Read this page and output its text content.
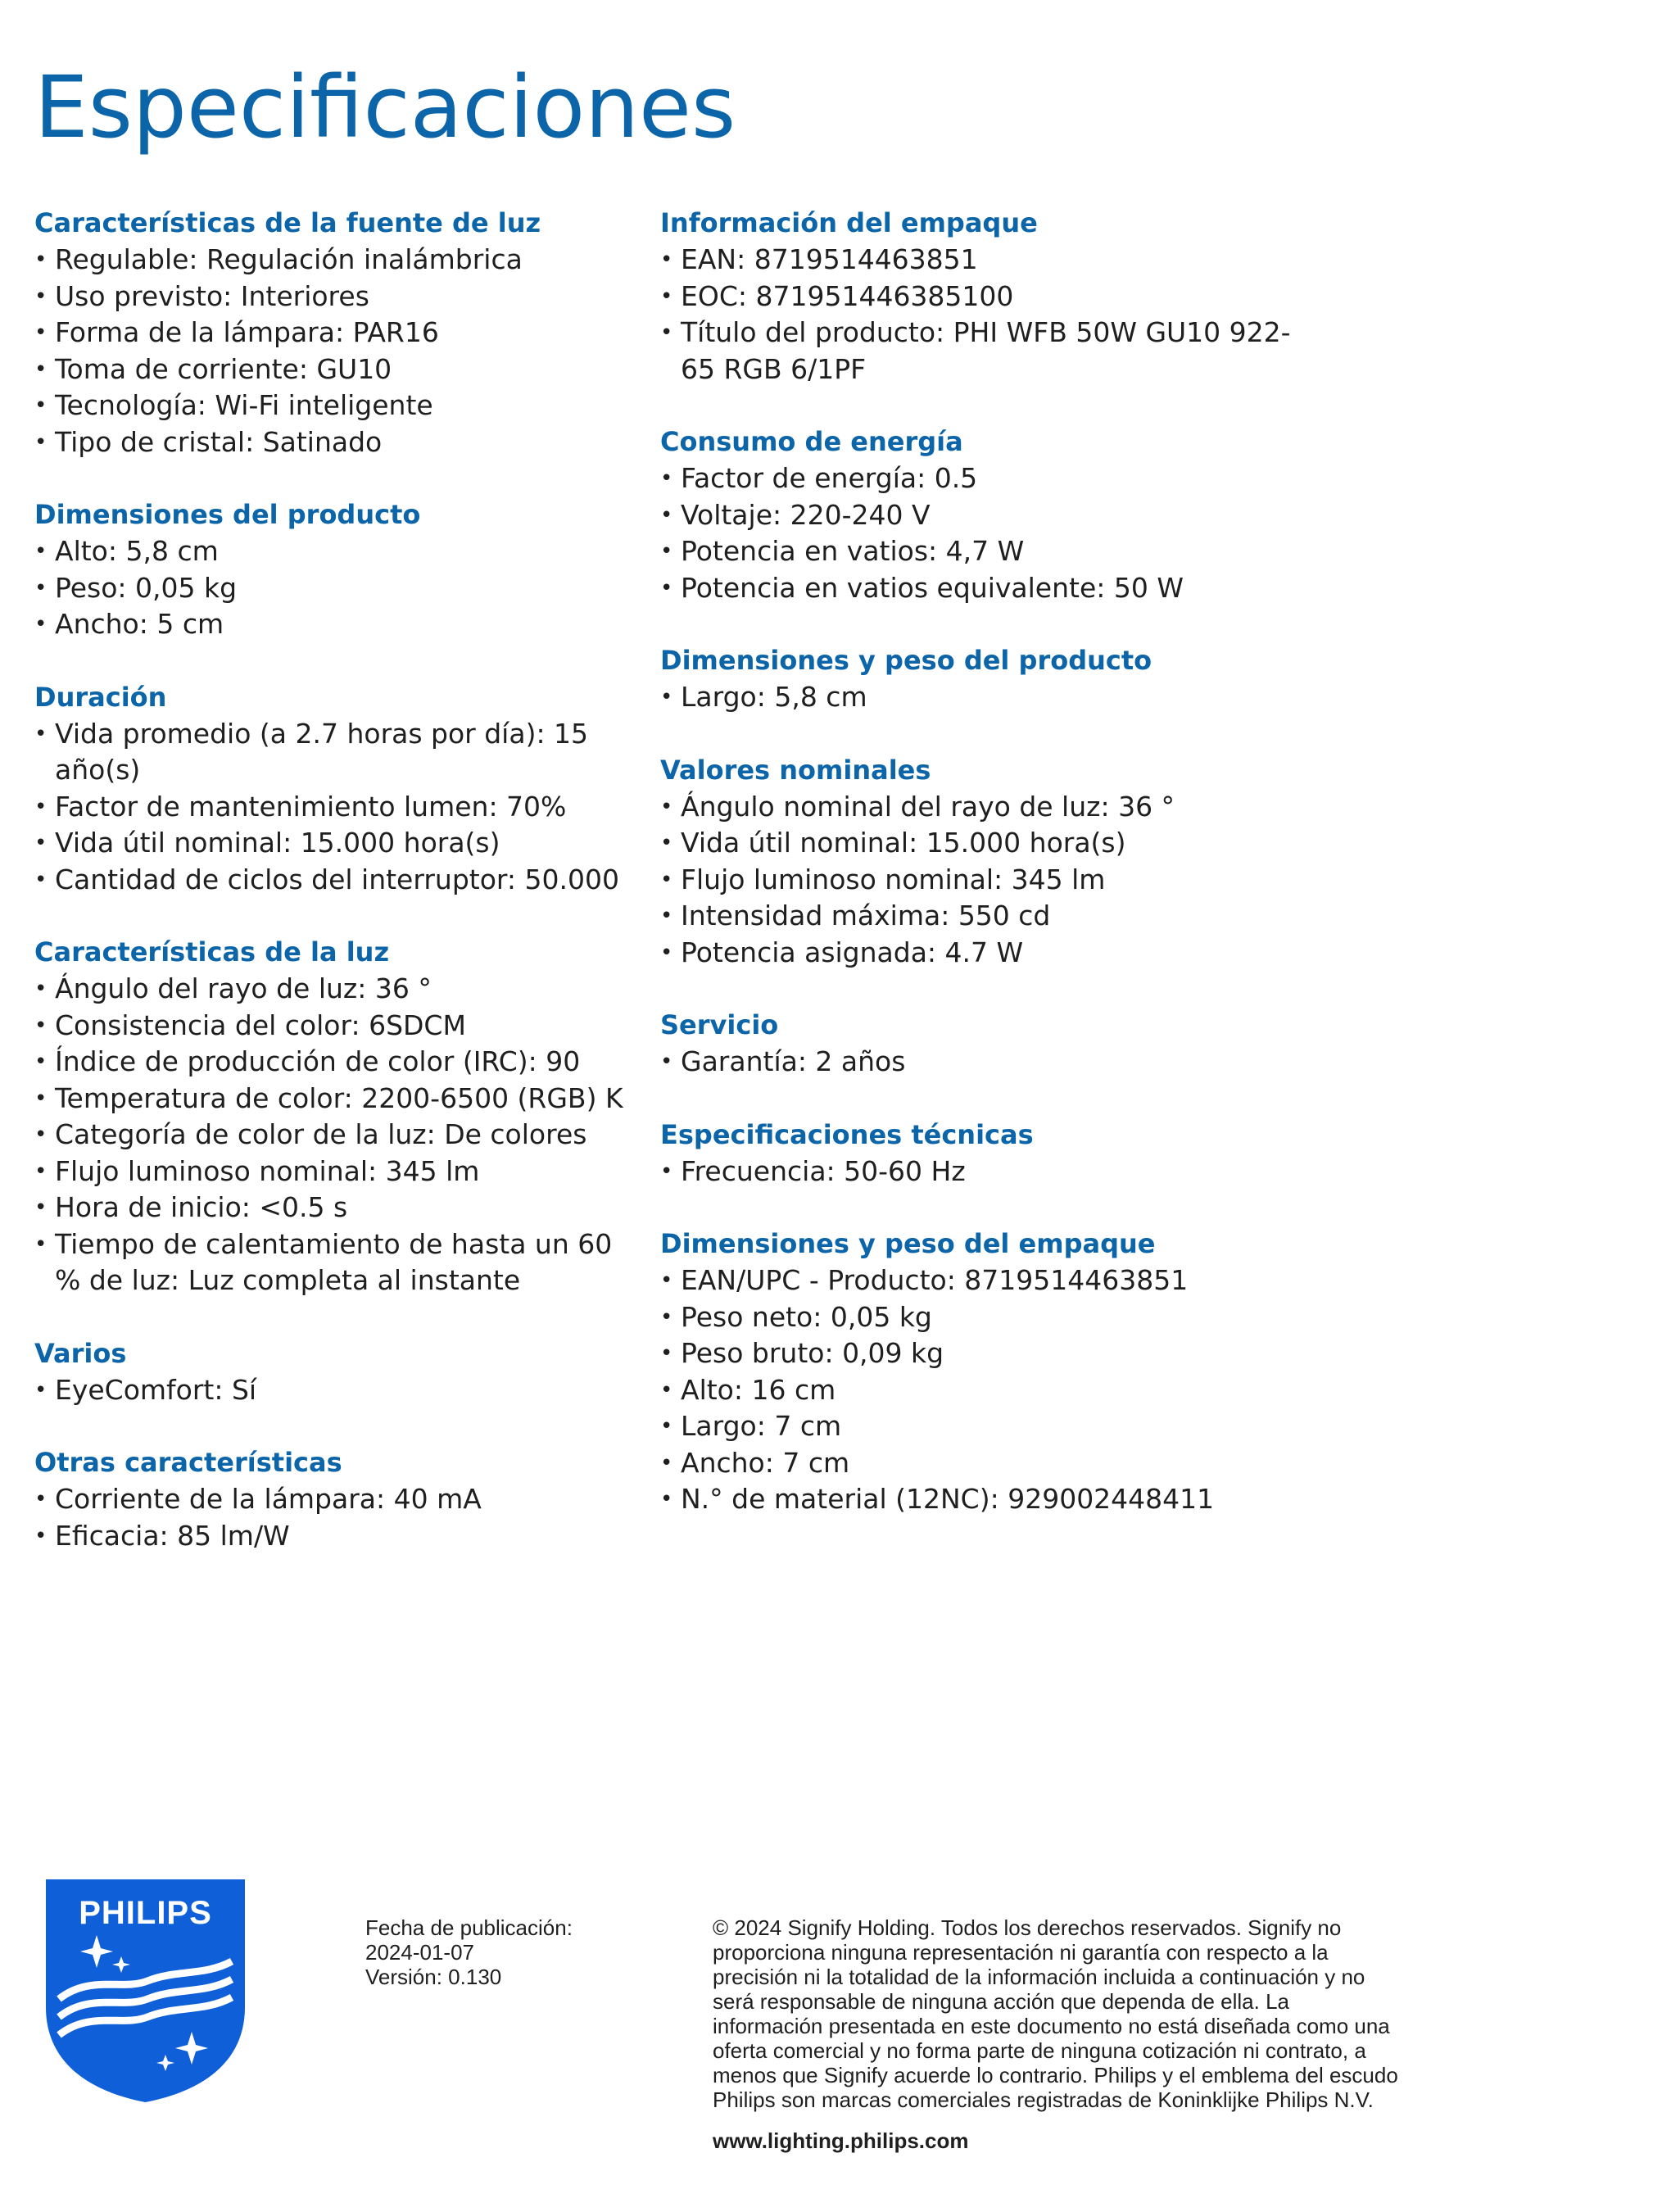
Especificaciones
Características de la fuente de luz
• Regulable: Regulación inalámbrica
• Uso previsto: Interiores
• Forma de la lámpara: PAR16
• Toma de corriente: GU10
• Tecnología: Wi-Fi inteligente
• Tipo de cristal: Satinado
Dimensiones del producto
• Alto: 5,8 cm
• Peso: 0,05 kg
• Ancho: 5 cm
Duración
• Vida promedio (a 2.7 horas por día): 15 año(s)
• Factor de mantenimiento lumen: 70%
• Vida útil nominal: 15.000 hora(s)
• Cantidad de ciclos del interruptor: 50.000
Características de la luz
• Ángulo del rayo de luz: 36 °
• Consistencia del color: 6SDCM
• Índice de producción de color (IRC): 90
• Temperatura de color: 2200-6500 (RGB) K
• Categoría de color de la luz: De colores
• Flujo luminoso nominal: 345 lm
• Hora de inicio: <0.5 s
• Tiempo de calentamiento de hasta un 60 % de luz: Luz completa al instante
Varios
• EyeComfort: Sí
Otras características
• Corriente de la lámpara: 40 mA
• Eficacia: 85 lm/W
Información del empaque
• EAN: 8719514463851
• EOC: 871951446385100
• Título del producto: PHI WFB 50W GU10 922-65 RGB 6/1PF
Consumo de energía
• Factor de energía: 0.5
• Voltaje: 220-240 V
• Potencia en vatios: 4,7 W
• Potencia en vatios equivalente: 50 W
Dimensiones y peso del producto
• Largo: 5,8 cm
Valores nominales
• Ángulo nominal del rayo de luz: 36 °
• Vida útil nominal: 15.000 hora(s)
• Flujo luminoso nominal: 345 lm
• Intensidad máxima: 550 cd
• Potencia asignada: 4.7 W
Servicio
• Garantía: 2 años
Especificaciones técnicas
• Frecuencia: 50-60 Hz
Dimensiones y peso del empaque
• EAN/UPC - Producto: 8719514463851
• Peso neto: 0,05 kg
• Peso bruto: 0,09 kg
• Alto: 16 cm
• Largo: 7 cm
• Ancho: 7 cm
• N.° de material (12NC): 929002448411
PHILIPS	Fecha de publicación:
2024-01-07
Versión: 0.130
© 2024 Signify Holding. Todos los derechos reservados. Signify no
proporciona ninguna representación ni garantía con respecto a la
precisión ni la totalidad de la información incluida a continuación y no
será responsable de ninguna acción que dependa de ella. La
información presentada en este documento no está diseñada como una
oferta comercial y no forma parte de ninguna cotización ni contrato, a
menos que Signify acuerde lo contrario. Philips y el emblema del escudo
Philips son marcas comerciales registradas de Koninklijke Philips N.V.
www.lighting.philips.com
